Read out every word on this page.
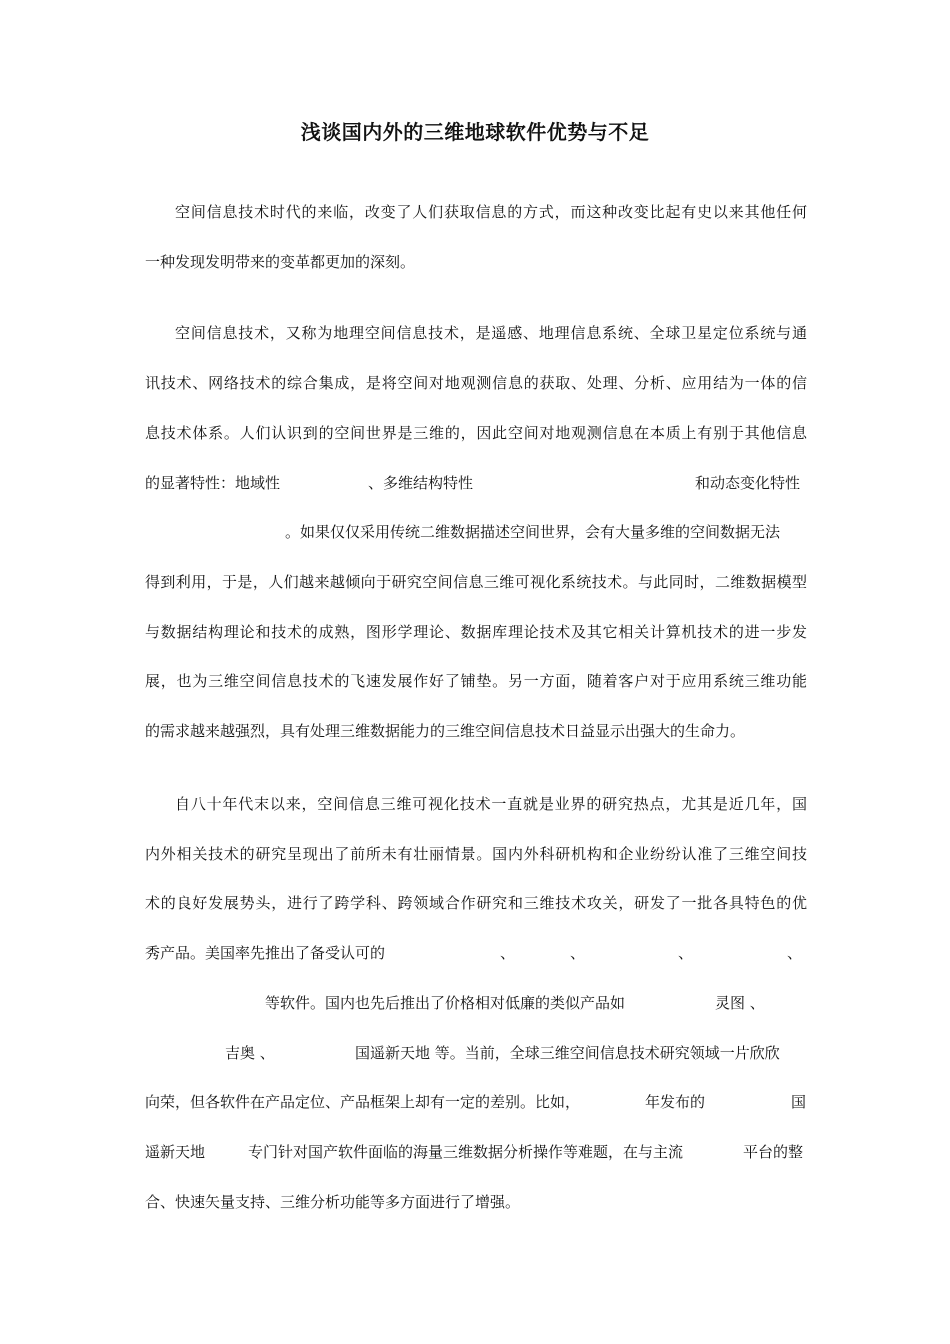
浅谈国内外的三维地球软件优势与不足
空间信息技术时代的来临，改变了人们获取信息的方式，而这种改变比起有史以来其他任何
一种发现发明带来的变革都更加的深刻。
空间信息技术，又称为地理空间信息技术，是遥感、地理信息系统、全球卫星定位系统与通
讯技术、网络技术的综合集成，是将空间对地观测信息的获取、处理、分析、应用结为一体的信
息技术体系。人们认识到的空间世界是三维的，因此空间对地观测信息在本质上有别于其他信息
的显著特性：地域性	、多维结构特性	和动态变化特性
。如果仅仅采用传统二维数据描述空间世界，会有大量多维的空间数据无法
得到利用，于是，人们越来越倾向于研究空间信息三维可视化系统技术。与此同时，二维数据模型
与数据结构理论和技术的成熟，图形学理论、数据库理论技术及其它相关计算机技术的进一步发
展，也为三维空间信息技术的飞速发展作好了铺垫。另一方面，随着客户对于应用系统三维功能
的需求越来越强烈，具有处理三维数据能力的三维空间信息技术日益显示出强大的生命力。
自八十年代末以来，空间信息三维可视化技术一直就是业界的研究热点，尤其是近几年，国
内外相关技术的研究呈现出了前所未有壮丽情景。国内外科研机构和企业纷纷认准了三维空间技
术的良好发展势头，进行了跨学科、跨领域合作研究和三维技术攻关，研发了一批各具特色的优
秀产品。美国率先推出了备受认可的	、	、	、	、
等软件。国内也先后推出了价格相对低廉的类似产品如	灵图 、
吉奥 、	国遥新天地 等。当前，全球三维空间信息技术研究领域一片欣欣
向荣，但各软件在产品定位、产品框架上却有一定的差别。比如，	年发布的	国
遥新天地	专门针对国产软件面临的海量三维数据分析操作等难题，在与主流	平台的整
合、快速矢量支持、三维分析功能等多方面进行了增强。
